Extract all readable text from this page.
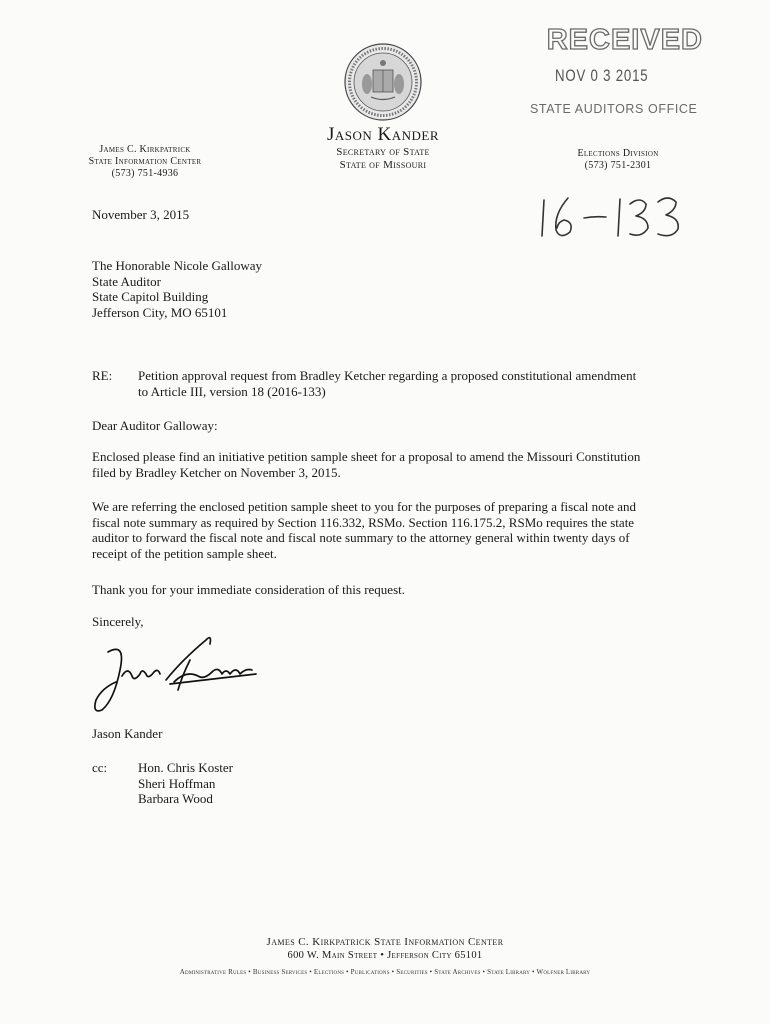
RECEIVED
NOV 0 3 2015
STATE AUDITORS OFFICE
James C. Kirkpatrick
State Information Center
(573) 751-4936
Jason Kander
Secretary of State
State of Missouri
Elections Division
(573) 751-2301
November 3, 2015
The Honorable Nicole Galloway
State Auditor
State Capitol Building
Jefferson City, MO 65101
RE: Petition approval request from Bradley Ketcher regarding a proposed constitutional amendment
to Article III, version 18 (2016-133)
Dear Auditor Galloway:
Enclosed please find an initiative petition sample sheet for a proposal to amend the Missouri Constitution
filed by Bradley Ketcher on November 3, 2015.
We are referring the enclosed petition sample sheet to you for the purposes of preparing a fiscal note and
fiscal note summary as required by Section 116.332, RSMo. Section 116.175.2, RSMo requires the state
auditor to forward the fiscal note and fiscal note summary to the attorney general within twenty days of
receipt of the petition sample sheet.
Thank you for your immediate consideration of this request.
Sincerely,
Jason Kander
cc: Hon. Chris Koster
Sheri Hoffman
Barbara Wood
James C. Kirkpatrick State Information Center
600 W. Main Street • Jefferson City 65101
Administrative Rules • Business Services • Elections • Publications • Securities • State Archives • State Library • Wolfner Library
